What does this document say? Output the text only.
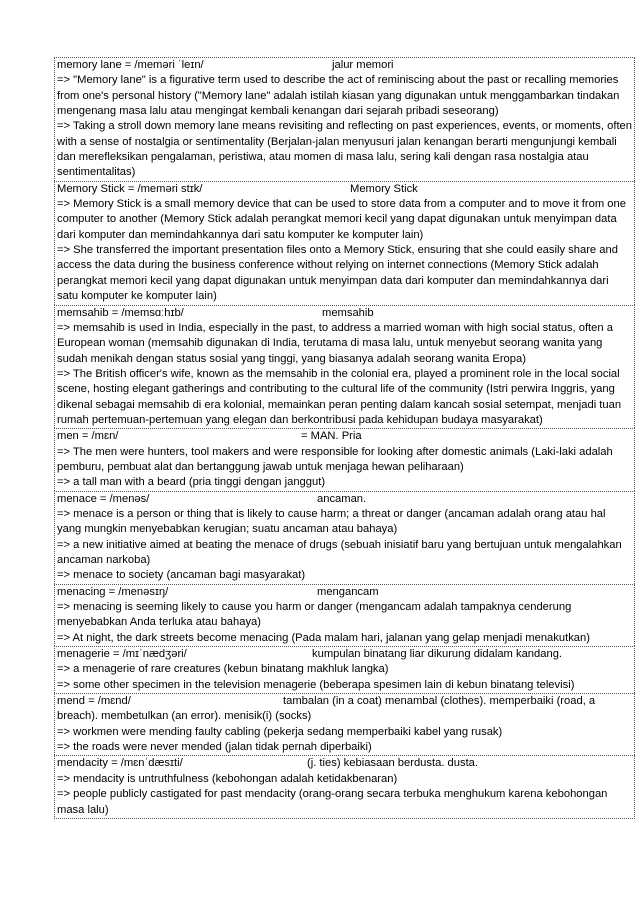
memory lane = /meməri ˈleɪn/	jalur memori
=> "Memory lane" is a figurative term used to describe the act of reminiscing about the past or recalling memories from one's personal history ("Memory lane" adalah istilah kiasan yang digunakan untuk menggambarkan tindakan mengenang masa lalu atau mengingat kembali kenangan dari sejarah pribadi seseorang)
=> Taking a stroll down memory lane means revisiting and reflecting on past experiences, events, or moments, often with a sense of nostalgia or sentimentality (Berjalan-jalan menyusuri jalan kenangan berarti mengunjungi kembali dan merefleksikan pengalaman, peristiwa, atau momen di masa lalu, sering kali dengan rasa nostalgia atau sentimentalitas)
Memory Stick = /meməri stɪk/	Memory Stick
=> Memory Stick is a small memory device that can be used to store data from a computer and to move it from one computer to another (Memory Stick adalah perangkat memori kecil yang dapat digunakan untuk menyimpan data dari komputer dan memindahkannya dari satu komputer ke komputer lain)
=> She transferred the important presentation files onto a Memory Stick, ensuring that she could easily share and access the data during the business conference without relying on internet connections (Memory Stick adalah perangkat memori kecil yang dapat digunakan untuk menyimpan data dari komputer dan memindahkannya dari satu komputer ke komputer lain)
memsahib = /memsɑːhɪb/	memsahib
=> memsahib is used in India, especially in the past, to address a married woman with high social status, often a European woman (memsahib digunakan di India, terutama di masa lalu, untuk menyebut seorang wanita yang sudah menikah dengan status sosial yang tinggi, yang biasanya adalah seorang wanita Eropa)
=> The British officer's wife, known as the memsahib in the colonial era, played a prominent role in the local social scene, hosting elegant gatherings and contributing to the cultural life of the community (Istri perwira Inggris, yang dikenal sebagai memsahib di era kolonial, memainkan peran penting dalam kancah sosial setempat, menjadi tuan rumah pertemuan-pertemuan yang elegan dan berkontribusi pada kehidupan budaya masyarakat)
men = /mɛn/	= MAN. Pria
=> The men were hunters, tool makers and were responsible for looking after domestic animals (Laki-laki adalah pemburu, pembuat alat dan bertanggung jawab untuk menjaga hewan peliharaan)
=> a tall man with a beard (pria tinggi dengan janggut)
menace = /menəs/	ancaman.
=> menace is a person or thing that is likely to cause harm; a threat or danger (ancaman adalah orang atau hal yang mungkin menyebabkan kerugian; suatu ancaman atau bahaya)
=> a new initiative aimed at beating the menace of drugs (sebuah inisiatif baru yang bertujuan untuk mengalahkan ancaman narkoba)
=> menace to society (ancaman bagi masyarakat)
menacing = /menəsɪŋ/	mengancam
=> menacing is seeming likely to cause you harm or danger (mengancam adalah tampaknya cenderung menyebabkan Anda terluka atau bahaya)
=> At night, the dark streets become menacing (Pada malam hari, jalanan yang gelap menjadi menakutkan)
menagerie = /mɪˈnædʒəri/	kumpulan binatang liar dikurung didalam kandang.
=> a menagerie of rare creatures (kebun binatang makhluk langka)
=> some other specimen in the television menagerie (beberapa spesimen lain di kebun binatang televisi)
mend = /mɛnd/	tambalan (in a coat) menambal (clothes). memperbaiki (road, a breach). membetulkan (an error). menisik(i) (socks)
=> workmen were mending faulty cabling (pekerja sedang memperbaiki kabel yang rusak)
=> the roads were never mended (jalan tidak pernah diperbaiki)
mendacity = /mɛnˈdæsɪti/	(j. ties) kebiasaan berdusta. dusta.
=> mendacity is untruthfulness (kebohongan adalah ketidakbenaran)
=> people publicly castigated for past mendacity (orang-orang secara terbuka menghukum karena kebohongan masa lalu)
